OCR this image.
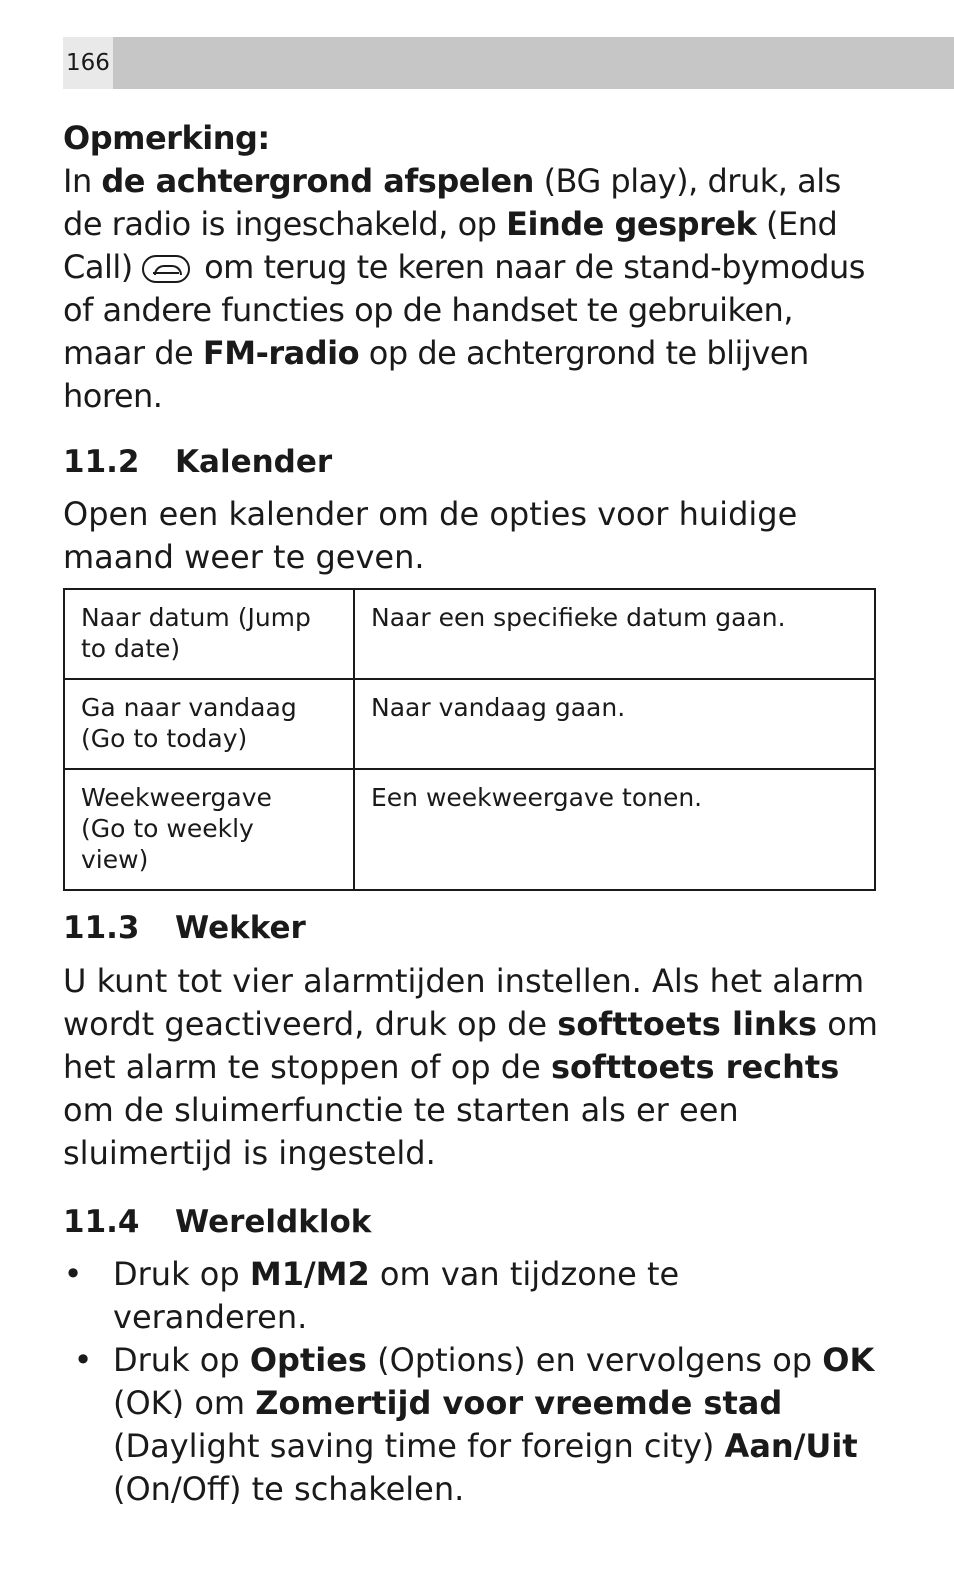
166

Opmerking:

In de achtergrond afspelen (BG play), druk, als de radio is ingeschakeld, op Einde gesprek (End Call)  om terug te keren naar de stand-bymodus of andere functies op de handset te gebruiken, maar de FM-radio op de achtergrond te blijven horen.

11.2 Kalender

Open een kalender om de opties voor huidige maand weer te geven.

Naar datum (Jump to date)	Naar een specifieke datum gaan.
Ga naar vandaag (Go to today)	Naar vandaag gaan.
Weekweergave (Go to weekly view)	Een weekweergave tonen.
11.3 Wekker

U kunt tot vier alarmtijden instellen. Als het alarm wordt geactiveerd, druk op de softtoets links om het alarm te stoppen of op de softtoets rechts om de sluimerfunctie te starten als er een sluimertijd is ingesteld.

11.4 Wereldklok
• Druk op M1/M2 om van tijdzone te veranderen.
• Druk op Opties (Options) en vervolgens op OK (OK) om Zomertijd voor vreemde stad (Daylight saving time for foreign city) Aan/Uit (On/Off) te schakelen.
